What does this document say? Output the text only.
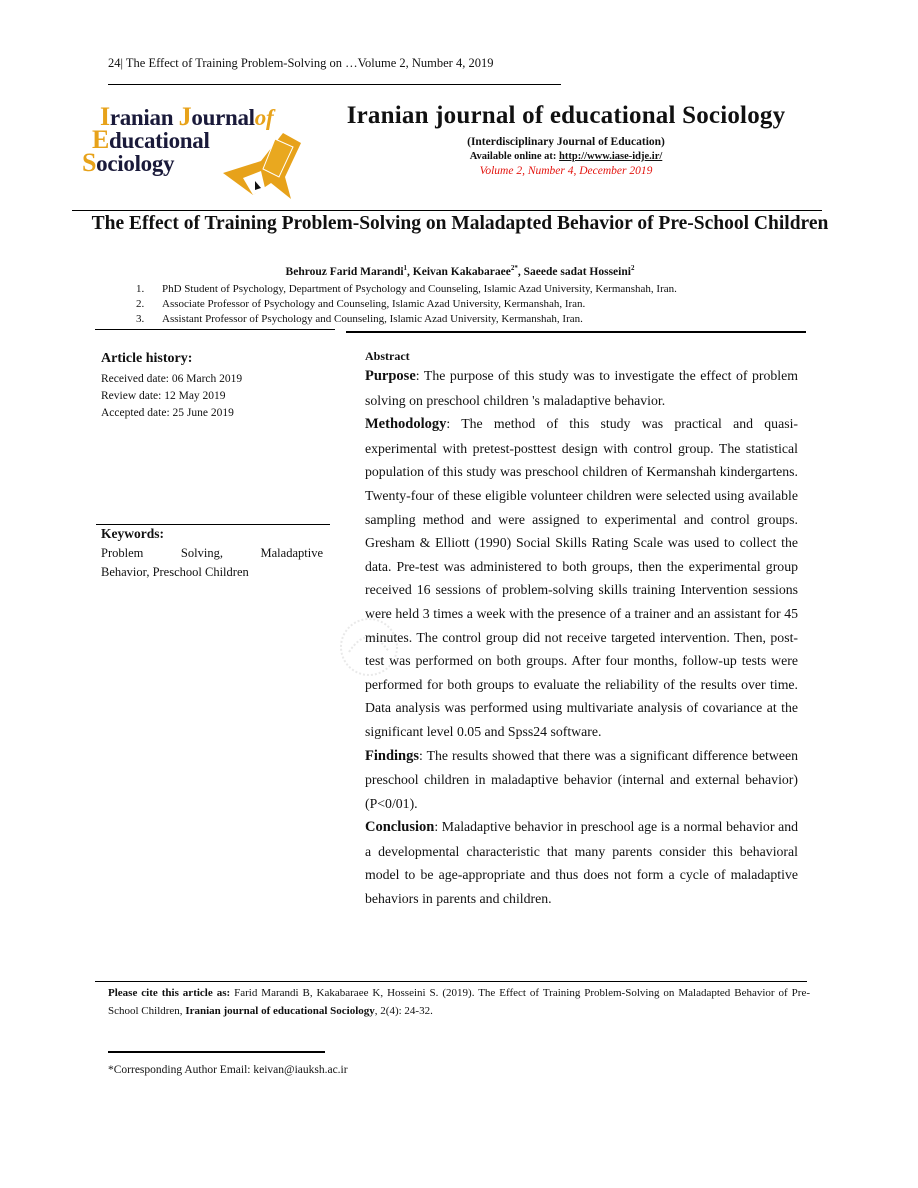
24| The Effect of Training Problem-Solving on …Volume 2, Number 4, 2019
Iranian Journalof
Educational
Sociology
Iranian journal of educational Sociology
(Interdisciplinary Journal of Education)
Available online at: http://www.iase-idje.ir/
Volume 2, Number 4, December 2019
The Effect of Training Problem-Solving on Maladapted Behavior of Pre-School Children
Behrouz Farid Marandi$^1$, Keivan Kakabaraee$^{2*}$, Saeede sadat Hosseini$^2$
1.	PhD Student of Psychology, Department of Psychology and Counseling, Islamic Azad University, Kermanshah, Iran.
2.	Associate Professor of Psychology and Counseling, Islamic Azad University, Kermanshah, Iran.
3.	Assistant Professor of Psychology and Counseling, Islamic Azad University, Kermanshah, Iran.
Article history:
Received date: 06 March 2019
Review date: 12 May 2019
Accepted date: 25 June 2019
Keywords:
Problem	Solving,	Maladaptive
Behavior, Preschool Children
Abstract

Purpose: The purpose of this study was to investigate the effect of problem solving on preschool children 's maladaptive behavior.

Methodology: The method of this study was practical and quasi-experimental with pretest-posttest design with control group. The statistical population of this study was preschool children of Kermanshah kindergartens. Twenty-four of these eligible volunteer children were selected using available sampling method and were assigned to experimental and control groups. Gresham & Elliott (1990) Social Skills Rating Scale was used to collect the data. Pre-test was administered to both groups, then the experimental group received 16 sessions of problem-solving skills training Intervention sessions were held 3 times a week with the presence of a trainer and an assistant for 45 minutes. The control group did not receive targeted intervention. Then, post-test was performed on both groups. After four months, follow-up tests were performed for both groups to evaluate the reliability of the results over time. Data analysis was performed using multivariate analysis of covariance at the significant level 0.05 and Spss24 software.

Findings: The results showed that there was a significant difference between preschool children in maladaptive behavior (internal and external behavior) (P<0/01).

Conclusion: Maladaptive behavior in preschool age is a normal behavior and a developmental characteristic that many parents consider this behavioral model to be age-appropriate and thus does not form a cycle of maladaptive behaviors in parents and children.

Please cite this article as: Farid Marandi B, Kakabaraee K, Hosseini S. (2019). The Effect of Training Problem-Solving on Maladapted Behavior of Pre-School Children, Iranian journal of educational Sociology, 2(4): 24-32.
*Corresponding Author Email: keivan@iauksh.ac.ir
